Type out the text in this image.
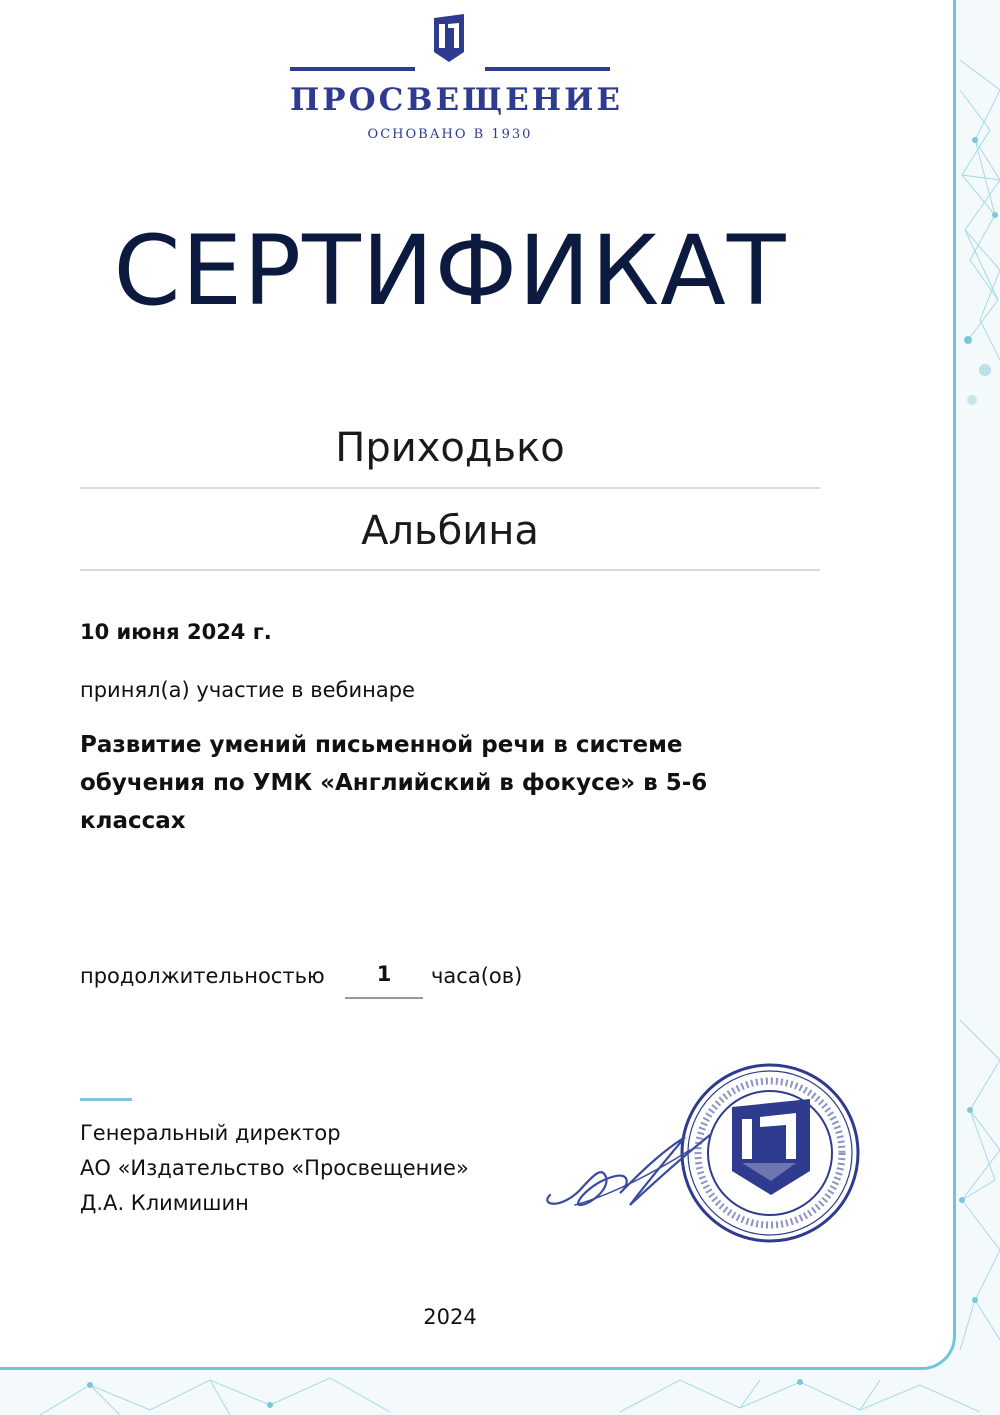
ПРОСВЕЩЕНИЕ
ОСНОВАНО В 1930
СЕРТИФИКАТ
Приходько
Альбина
10 июня 2024 г.
принял(а) участие в вебинаре
Развитие умений письменной речи в системе обучения по УМК «Английский в фокусе» в 5-6 классах
продолжительностью	1	часа(ов)
Генеральный директор
АО «Издательство «Просвещение»
Д.А. Климишин
2024
